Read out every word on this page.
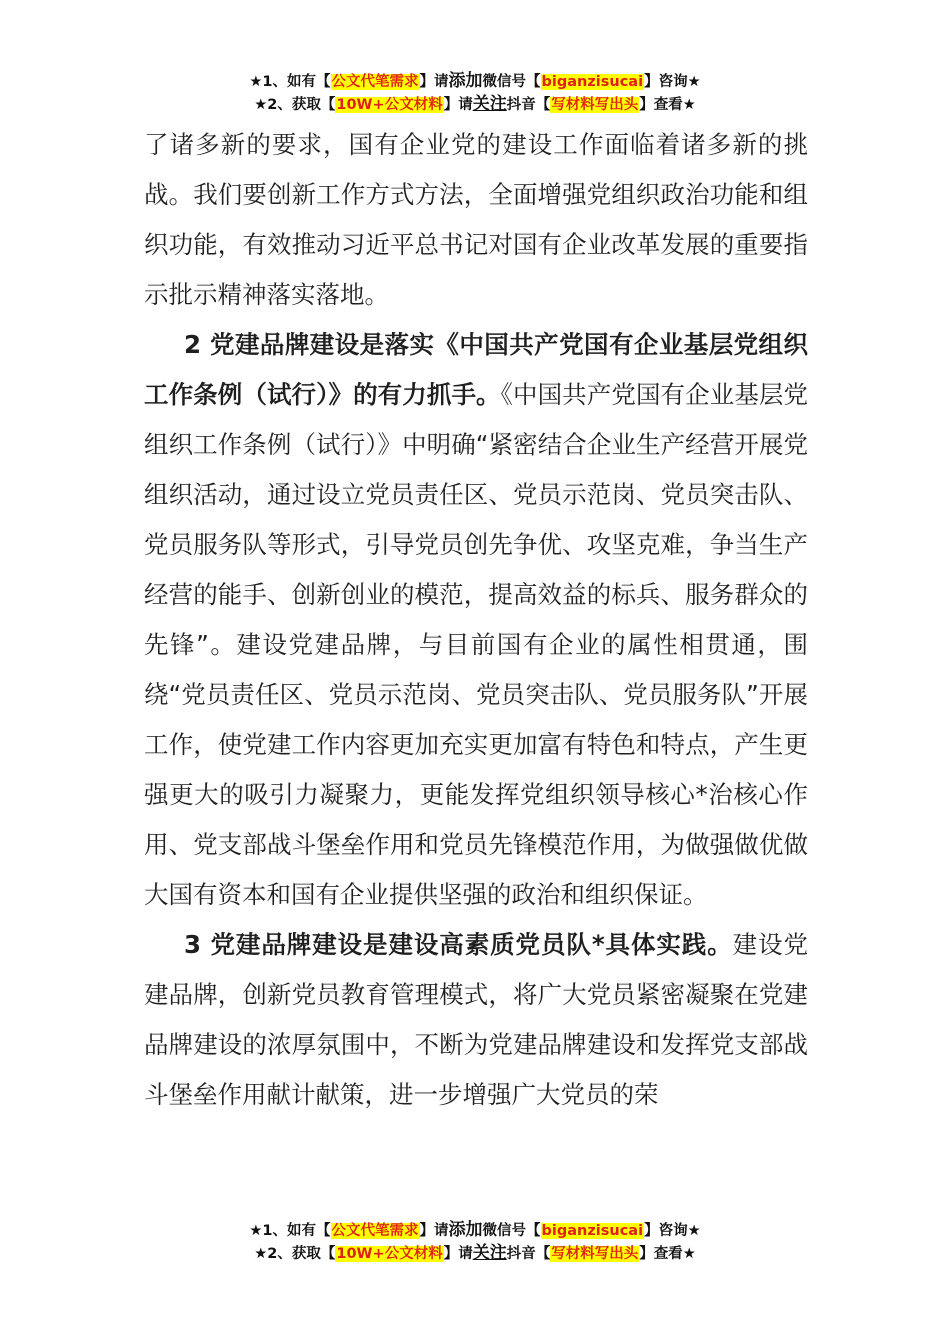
★1、如有【公文代笔需求】请添加微信号【biganzisucai】咨询★
★2、获取【10W+公文材料】请关注抖音【写材料写出头】查看★

了诸多新的要求，国有企业党的建设工作面临着诸多新的挑战。我们要创新工作方式方法，全面增强党组织政治功能和组织功能，有效推动习近平总书记对国有企业改革发展的重要指示批示精神落实落地。

2 党建品牌建设是落实《中国共产党国有企业基层党组织工作条例（试行）》的有力抓手。《中国共产党国有企业基层党组织工作条例（试行）》中明确“紧密结合企业生产经营开展党组织活动，通过设立党员责任区、党员示范岗、党员突击队、党员服务队等形式，引导党员创先争优、攻坚克难，争当生产经营的能手、创新创业的模范，提高效益的标兵、服务群众的先锋”。建设党建品牌，与目前国有企业的属性相贯通，围绕“党员责任区、党员示范岗、党员突击队、党员服务队”开展工作，使党建工作内容更加充实更加富有特色和特点，产生更强更大的吸引力凝聚力，更能发挥党组织领导核心*治核心作用、党支部战斗堡垒作用和党员先锋模范作用，为做强做优做大国有资本和国有企业提供坚强的政治和组织保证。

3 党建品牌建设是建设高素质党员队*具体实践。建设党建品牌，创新党员教育管理模式，将广大党员紧密凝聚在党建品牌建设的浓厚氛围中，不断为党建品牌建设和发挥党支部战斗堡垒作用献计献策，进一步增强广大党员的荣

★1、如有【公文代笔需求】请添加微信号【biganzisucai】咨询★
★2、获取【10W+公文材料】请关注抖音【写材料写出头】查看★
